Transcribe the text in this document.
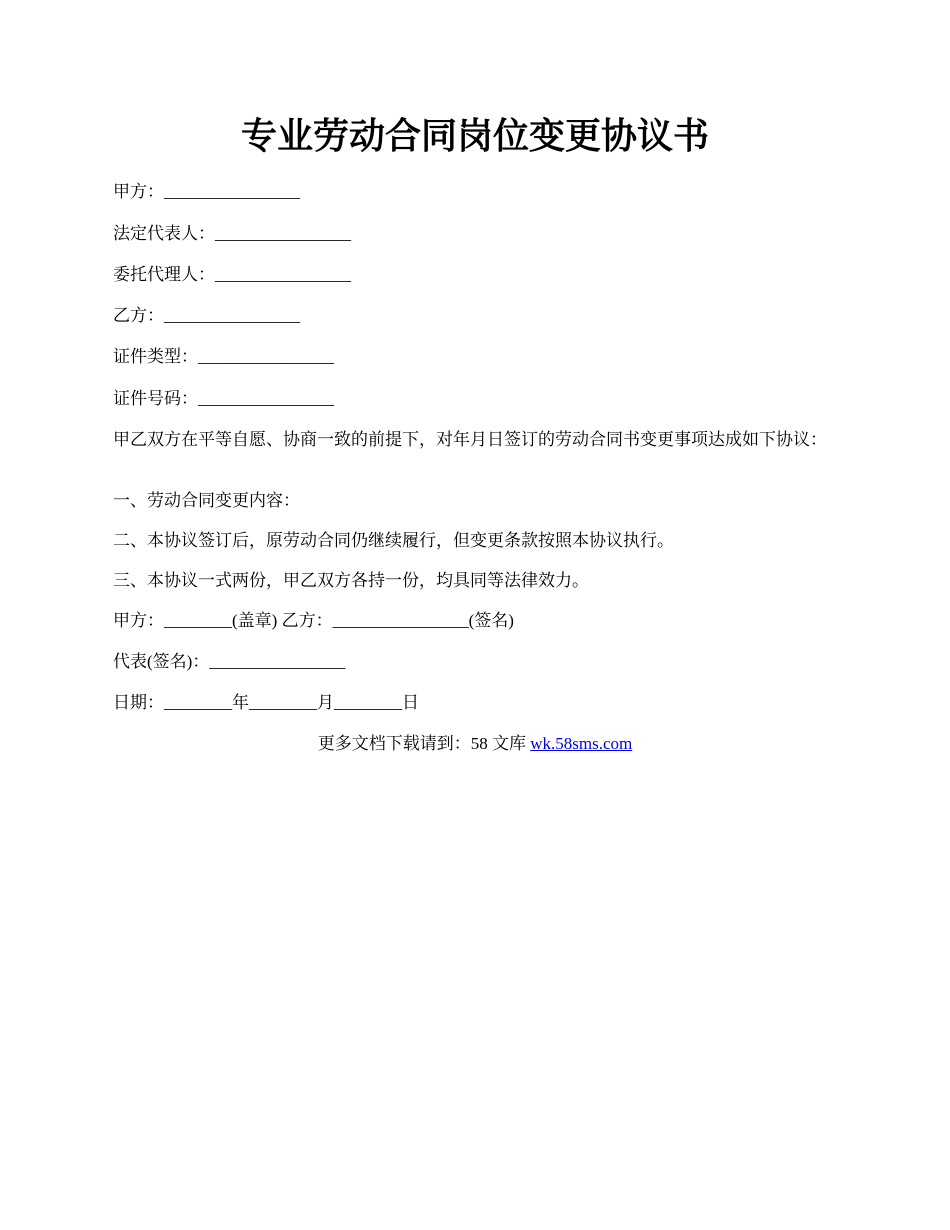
专业劳动合同岗位变更协议书
甲方：________________
法定代表人：________________
委托代理人：________________
乙方：________________
证件类型：________________
证件号码：________________
甲乙双方在平等自愿、协商一致的前提下，对年月日签订的劳动合同书变更事项达成如下协议：
一、劳动合同变更内容：
二、本协议签订后，原劳动合同仍继续履行，但变更条款按照本协议执行。
三、本协议一式两份，甲乙双方各持一份，均具同等法律效力。
甲方：________(盖章) 乙方：________________(签名)
代表(签名)：________________
日期：________年________月________日
更多文档下载请到：58 文库 wk.58sms.com
